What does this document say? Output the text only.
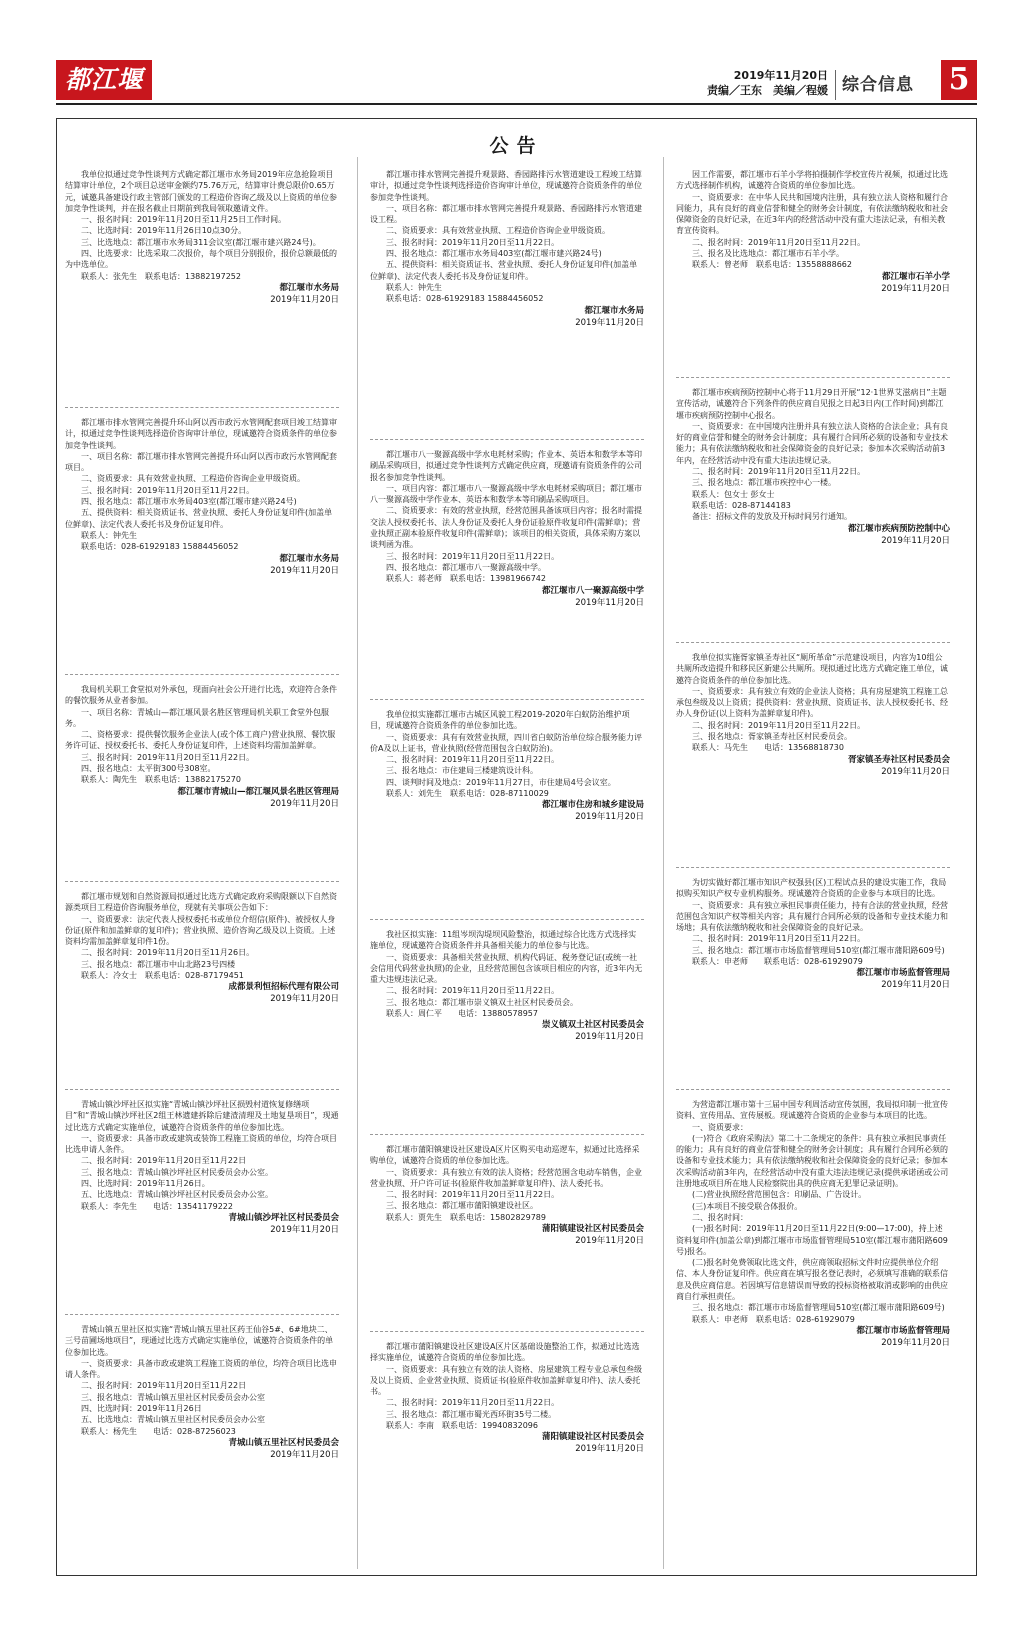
都江堰报
2019年11月20日
责编／王东　美编／程媛 综合信息 5
公告

我单位拟通过竞争性谈判方式确定都江堰市水务局2019年应急抢险项目结算审计单位，2个项目总送审金额约75.76万元，结算审计费总限价0.65万元，诚邀具备建设行政主管部门颁发的工程造价咨询乙级及以上资质的单位参加竞争性谈判，并在报名截止日期前到我局领取邀请文件。

一、报名时间：2019年11月20日至11月25日工作时间。

二、比选时间：2019年11月26日10点30分。

三、比选地点：都江堰市水务局311会议室(都江堰市建兴路24号)。

四、比选要求：比选采取二次报价，每个项目分别报价，报价总额最低的为中选单位。

联系人：张先生　联系电话：13882197252

都江堰市水务局
2019年11月20日

都江堰市排水管网完善提升环山阿以西市政污水管网配套项目竣工结算审计，拟通过竞争性谈判选择造价咨询审计单位，现诚邀符合资质条件的单位参加竞争性谈判。

一、项目名称：都江堰市排水管网完善提升环山阿以西市政污水管网配套项目。

二、资质要求：具有效营业执照、工程造价咨询企业甲级资质。

三、报名时间：2019年11月20日至11月22日。

四、报名地点：都江堰市水务局403室(都江堰市建兴路24号)

五、提供资料：相关资质证书、营业执照、委托人身份证复印件(加盖单位鲜章)、法定代表人委托书及身份证复印件。

联系人：钟先生

联系电话：028-61929183 15884456052

都江堰市水务局
2019年11月20日

我局机关职工食堂拟对外承包，现面向社会公开进行比选，欢迎符合条件的餐饮服务从业者参加。

一、项目名称：青城山—都江堰风景名胜区管理局机关职工食堂外包服务。

二、资格要求：提供餐饮服务企业法人(或个体工商户)营业执照、餐饮服务许可证、授权委托书、委托人身份证复印件，上述资料均需加盖鲜章。

三、报名时间：2019年11月20日至11月22日。

四、报名地点：太平街300号308室。

联系人：陶先生　联系电话：13882175270

都江堰市青城山—都江堰风景名胜区管理局
2019年11月20日

都江堰市规划和自然资源局拟通过比选方式确定政府采购限额以下自然资源类项目工程造价咨询服务单位，现就有关事项公告如下：

一、资质要求：法定代表人授权委托书或单位介绍信(原件)、被授权人身份证(原件和加盖鲜章的复印件)；营业执照、造价咨询乙级及以上资质。上述资料均需加盖鲜章复印件1份。

二、报名时间：2019年11月20日至11月26日。

三、报名地点：都江堰市中山北路23号四楼

联系人：冷女士　联系电话：028-87179451

成都景利恒招标代理有限公司
2019年11月20日

青城山镇沙坪社区拟实施“青城山镇沙坪社区损毁村道恢复修缮项目”和“青城山镇沙坪社区2组王林遗建拆除后建渣清理及土地复垦项目”，现通过比选方式确定实施单位，诚邀符合资质条件的单位参加比选。

一、资质要求：具备市政或建筑或装饰工程施工资质的单位，均符合项目比选申请人条件。

二、报名时间：2019年11月20日至11月22日

三、报名地点：青城山镇沙坪社区村民委员会办公室。

四、比选时间：2019年11月26日。

五、比选地点：青城山镇沙坪社区村民委员会办公室。

联系人：李先生　　电话：13541179222

青城山镇沙坪社区村民委员会
2019年11月20日

青城山镇五里社区拟实施“青城山镇五里社区药王仙谷5#、6#地块二、三号苗圃场地项目”，现通过比选方式确定实施单位，诚邀符合资质条件的单位参加比选。

一、资质要求：具备市政或建筑工程施工资质的单位，均符合项目比选申请人条件。

二、报名时间：2019年11月20日至11月22日

三、报名地点：青城山镇五里社区村民委员会办公室

四、比选时间：2019年11月26日

五、比选地点：青城山镇五里社区村民委员会办公室

联系人：杨先生　　电话：028-87256023

青城山镇五里社区村民委员会
2019年11月20日

都江堰市排水管网完善提升观景路、香园路排污水管道建设工程竣工结算审计，拟通过竞争性谈判选择造价咨询审计单位，现诚邀符合资质条件的单位参加竞争性谈判。

一、项目名称：都江堰市排水管网完善提升观景路、香园路排污水管道建设工程。

二、资质要求：具有效营业执照、工程造价咨询企业甲级资质。

三、报名时间：2019年11月20日至11月22日。

四、报名地点：都江堰市水务局403室(都江堰市建兴路24号)

五、提供资料：相关资质证书、营业执照、委托人身份证复印件(加盖单位鲜章)、法定代表人委托书及身份证复印件。

联系人：钟先生

联系电话：028-61929183 15884456052

都江堰市水务局
2019年11月20日

都江堰市八一聚源高级中学水电耗材采购；作业本、英语本和数学本等印刷品采购项目，拟通过竞争性谈判方式确定供应商，现邀请有资质条件的公司报名参加竞争性谈判。

一、项目内容：都江堰市八一聚源高级中学水电耗材采购项目；都江堰市八一聚源高级中学作业本、英语本和数学本等印刷品采购项目。

二、资质要求：有效的营业执照，经营范围具备该项目内容；报名时需提交法人授权委托书、法人身份证及委托人身份证验原件收复印件(需鲜章)；营业执照正副本验原件收复印件(需鲜章)；该项目的相关资质，具体采购方案以谈判函为准。

三、报名时间：2019年11月20日至11月22日。

四、报名地点：都江堰市八一聚源高级中学。

联系人：蒋老师　联系电话：13981966742

都江堰市八一聚源高级中学
2019年11月20日

我单位拟实施都江堰市古城区风貌工程2019-2020年白蚁防治维护项目，现诚邀符合资质条件的单位参加比选。

一、资质要求：具有有效营业执照，四川省白蚁防治单位综合服务能力评价A及以上证书，营业执照(经营范围包含白蚁防治)。

二、报名时间：2019年11月20日至11月22日。

三、报名地点：市住建局三楼建筑设计科。

四、谈判时间及地点：2019年11月27日，市住建局4号会议室。

联系人：刘先生　联系电话：028-87110029

都江堰市住房和城乡建设局
2019年11月20日

我社区拟实施：11组岑坝沟堤坝风险整治，拟通过综合比选方式选择实施单位，现诚邀符合资质条件并具备相关能力的单位参与比选。

一、资质要求：具备相关营业执照、机构代码证、税务登记证(或统一社会信用代码营业执照)的企业，且经营范围包含该项目相应的内容，近3年内无重大违规违法记录。

二、报名时间：2019年11月20日至11月22日。

三、报名地点：都江堰市崇义镇双土社区村民委员会。

联系人：周仁平　　电话：13880578957

崇义镇双土社区村民委员会
2019年11月20日

都江堰市蒲阳镇建设社区建设A区片区购买电动巡逻车，拟通过比选择采购单位，诚邀符合资质的单位参加比选。

一、资质要求：具有独立有效的法人资格；经营范围含电动车销售，企业营业执照、开户许可证书(验原件收加盖鲜章复印件)、法人委托书。

二、报名时间：2019年11月20日至11月22日。

三、报名地点：都江堰市蒲阳镇建设社区。

联系人：贾先生　联系电话：15802829789

蒲阳镇建设社区村民委员会
2019年11月20日

都江堰市蒲阳镇建设社区建设A区片区基础设施整治工作，拟通过比选选择实施单位，诚邀符合资质的单位参加比选。

一、资质要求：具有独立有效的法人资格、房屋建筑工程专业总承包叁级及以上资质、企业营业执照、资质证书(验原件收加盖鲜章复印件)、法人委托书。

二、报名时间：2019年11月20日至11月22日。

三、报名地点：都江堰市蜀光西环街35号二楼。

联系人：李南　联系电话：19940832096

蒲阳镇建设社区村民委员会
2019年11月20日

因工作需要，都江堰市石羊小学将拍摄制作学校宣传片视频，拟通过比选方式选择制作机构，诚邀符合资质的单位参加比选。

一、资质要求：在中华人民共和国境内注册，具有独立法人资格和履行合同能力，具有良好的商业信誉和健全的财务会计制度，有依法缴纳税收和社会保障资金的良好记录，在近3年内的经营活动中没有重大违法记录，有相关教育宣传资料。

二、报名时间：2019年11月20日至11月22日。

三、报名及比选地点：都江堰市石羊小学。

联系人：曾老师　联系电话：13558888662

都江堰市石羊小学
2019年11月20日

都江堰市疾病预防控制中心将于11月29日开展“12·1世界艾滋病日”主题宣传活动，诚邀符合下列条件的供应商自见报之日起3日内(工作时间)到都江堰市疾病预防控制中心报名。

一、资质要求：在中国境内注册并具有独立法人资格的合法企业；具有良好的商业信誉和健全的财务会计制度；具有履行合同所必须的设备和专业技术能力；具有依法缴纳税收和社会保障资金的良好记录；参加本次采购活动前3年内，在经营活动中没有重大违法违规记录。

二、报名时间：2019年11月20日至11月22日。

三、报名地点：都江堰市疾控中心一楼。

联系人：包女士 彭女士

联系电话：028-87144183

备注：招标文件的发放及开标时间另行通知。

都江堰市疾病预防控制中心
2019年11月20日

我单位拟实施胥家镇圣寿社区“厕所革命”示范建设项目，内容为10组公共厕所改造提升和移民区新建公共厕所。现拟通过比选方式确定施工单位，诚邀符合资质条件的单位参加比选。

一、资质要求：具有独立有效的企业法人资格；具有房屋建筑工程施工总承包叁级及以上资质；提供资料：营业执照、资质证书、法人授权委托书、经办人身份证(以上资料为盖鲜章复印件)。

二、报名时间：2019年11月20日至11月22日。

三、报名地点：胥家镇圣寿社区村民委员会。

联系人：马先生　　电话：13568818730

胥家镇圣寿社区村民委员会
2019年11月20日

为切实做好都江堰市知识产权强县(区)工程试点县的建设实施工作，我局拟购买知识产权专业机构服务。现诚邀符合资质的企业参与本项目的比选。

一、资质要求：具有独立承担民事责任能力，持有合法的营业执照，经营范围包含知识产权等相关内容；具有履行合同所必须的设备和专业技术能力和场地；具有依法缴纳税收和社会保障资金的良好记录。

二、报名时间：2019年11月20日至11月22日。

三、报名地点：都江堰市市场监督管理局510室(都江堰市蒲阳路609号)

联系人：申老师　　联系电话：028-61929079

都江堰市市场监督管理局
2019年11月20日

为营造都江堰市第十三届中国专利周活动宣传氛围，我局拟印制一批宣传资料、宣传用品、宣传展板。现诚邀符合资质的企业参与本项目的比选。

一、资质要求：

(一)符合《政府采购法》第二十二条规定的条件：具有独立承担民事责任的能力；具有良好的商业信誉和健全的财务会计制度；具有履行合同所必须的设备和专业技术能力；具有依法缴纳税收和社会保障资金的良好记录；参加本次采购活动前3年内，在经营活动中没有重大违法违规记录(提供承诺函或公司注册地或项目所在地人民检察院出具的供应商无犯罪记录证明)。

(二)营业执照经营范围包含：印刷品、广告设计。

(三)本项目不接受联合体报价。

二、报名时间：

(一)报名时间：2019年11月20日至11月22日(9:00—17:00)，持上述资料复印件(加盖公章)到都江堰市市场监督管理局510室(都江堰市蒲阳路609号)报名。

(二)报名时免费领取比选文件，供应商领取招标文件时应提供单位介绍信、本人身份证复印件。供应商在填写报名登记表时，必须填写准确的联系信息及供应商信息。若因填写信息错误而导致的投标资格被取消或影响的由供应商自行承担责任。

三、报名地点：都江堰市市场监督管理局510室(都江堰市蒲阳路609号)

联系人：申老师　联系电话：028-61929079

都江堰市市场监督管理局
2019年11月20日
